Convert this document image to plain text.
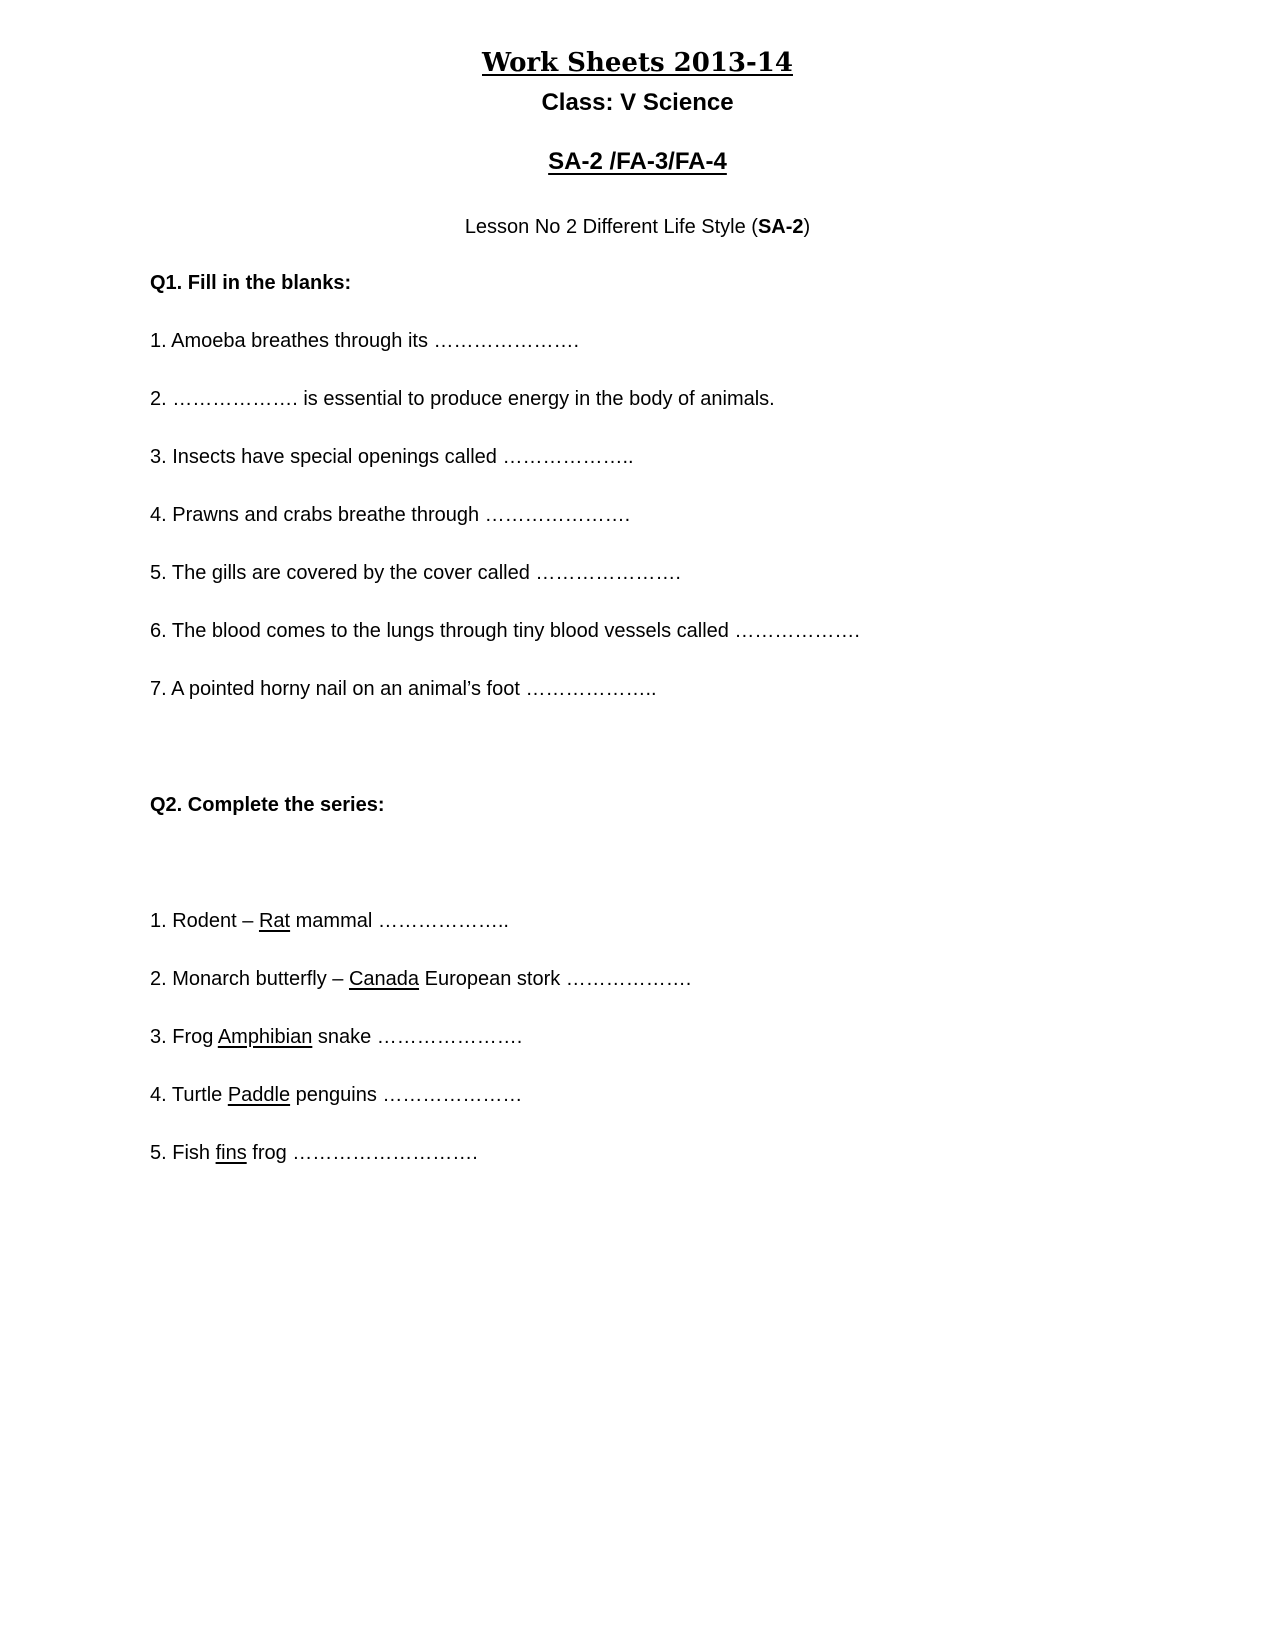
Work Sheets 2013-14
Class: V Science
SA-2 /FA-3/FA-4
Lesson No 2 Different Life Style (SA-2)
Q1. Fill in the blanks:
1. Amoeba breathes through its ………………….
2. ………………. is essential to produce energy in the body of animals.
3. Insects have special openings called ………………..
4. Prawns and crabs breathe through ………………….
5. The gills are covered by the cover called ………………….
6. The blood comes to the lungs through tiny blood vessels called ……………….
7. A pointed horny nail on an animal’s foot ………………..
Q2. Complete the series:
1. Rodent – Rat mammal ………………..
2. Monarch butterfly – Canada European stork ……………….
3. Frog Amphibian snake ………………….
4. Turtle Paddle penguins …………………
5. Fish fins frog ……………………….
